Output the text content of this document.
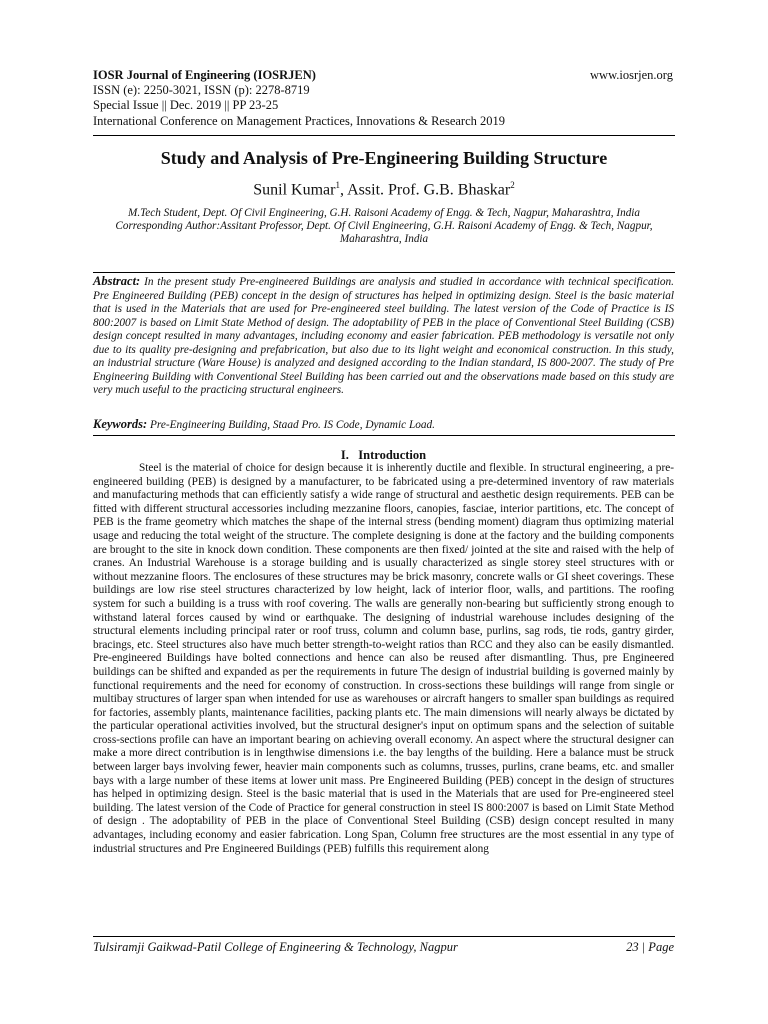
IOSR Journal of Engineering (IOSRJEN)	www.iosrjen.org
ISSN (e): 2250-3021, ISSN (p): 2278-8719
Special Issue || Dec. 2019 || PP 23-25
International Conference on Management Practices, Innovations & Research 2019
Study and Analysis of Pre-Engineering Building Structure
Sunil Kumar$^1$, Assit. Prof. G.B. Bhaskar$^2$
M.Tech Student, Dept. Of Civil Engineering, G.H. Raisoni Academy of Engg. & Tech, Nagpur, Maharashtra, India
Corresponding Author:Assitant Professor, Dept. Of Civil Engineering, G.H. Raisoni Academy of Engg. & Tech, Nagpur, Maharashtra, India
Abstract: In the present study Pre-engineered Buildings are analysis and studied in accordance with technical specification. Pre Engineered Building (PEB) concept in the design of structures has helped in optimizing design. Steel is the basic material that is used in the Materials that are used for Pre-engineered steel building. The latest version of the Code of Practice is IS 800:2007 is based on Limit State Method of design. The adoptability of PEB in the place of Conventional Steel Building (CSB) design concept resulted in many advantages, including economy and easier fabrication. PEB methodology is versatile not only due to its quality pre-designing and prefabrication, but also due to its light weight and economical construction. In this study, an industrial structure (Ware House) is analyzed and designed according to the Indian standard, IS 800-2007. The study of Pre Engineering Building with Conventional Steel Building has been carried out and the observations made based on this study are very much useful to the practicing structural engineers.
Keywords: Pre-Engineering Building, Staad Pro. IS Code, Dynamic Load.
I. Introduction

Steel is the material of choice for design because it is inherently ductile and flexible. In structural engineering, a pre-engineered building (PEB) is designed by a manufacturer, to be fabricated using a pre-determined inventory of raw materials and manufacturing methods that can efficiently satisfy a wide range of structural and aesthetic design requirements. PEB can be fitted with different structural accessories including mezzanine floors, canopies, fasciae, interior partitions, etc. The concept of PEB is the frame geometry which matches the shape of the internal stress (bending moment) diagram thus optimizing material usage and reducing the total weight of the structure. The complete designing is done at the factory and the building components are brought to the site in knock down condition. These components are then fixed/ jointed at the site and raised with the help of cranes. An Industrial Warehouse is a storage building and is usually characterized as single storey steel structures with or without mezzanine floors. The enclosures of these structures may be brick masonry, concrete walls or GI sheet coverings. These buildings are low rise steel structures characterized by low height, lack of interior floor, walls, and partitions. The roofing system for such a building is a truss with roof covering. The walls are generally non-bearing but sufficiently strong enough to withstand lateral forces caused by wind or earthquake. The designing of industrial warehouse includes designing of the structural elements including principal rater or roof truss, column and column base, purlins, sag rods, tie rods, gantry girder, bracings, etc. Steel structures also have much better strength-to-weight ratios than RCC and they also can be easily dismantled. Pre-engineered Buildings have bolted connections and hence can also be reused after dismantling. Thus, pre Engineered buildings can be shifted and expanded as per the requirements in future The design of industrial building is governed mainly by functional requirements and the need for economy of construction. In cross-sections these buildings will range from single or multibay structures of larger span when intended for use as warehouses or aircraft hangers to smaller span buildings as required for factories, assembly plants, maintenance facilities, packing plants etc. The main dimensions will nearly always be dictated by the particular operational activities involved, but the structural designer's input on optimum spans and the selection of suitable cross-sections profile can have an important bearing on achieving overall economy. An aspect where the structural designer can make a more direct contribution is in lengthwise dimensions i.e. the bay lengths of the building. Here a balance must be struck between larger bays involving fewer, heavier main components such as columns, trusses, purlins, crane beams, etc. and smaller bays with a large number of these items at lower unit mass. Pre Engineered Building (PEB) concept in the design of structures has helped in optimizing design. Steel is the basic material that is used in the Materials that are used for Pre-engineered steel building. The latest version of the Code of Practice for general construction in steel IS 800:2007 is based on Limit State Method of design . The adoptability of PEB in the place of Conventional Steel Building (CSB) design concept resulted in many advantages, including economy and easier fabrication. Long Span, Column free structures are the most essential in any type of industrial structures and Pre Engineered Buildings (PEB) fulfills this requirement along

Tulsiramji Gaikwad-Patil College of Engineering & Technology, Nagpur	23 | Page
